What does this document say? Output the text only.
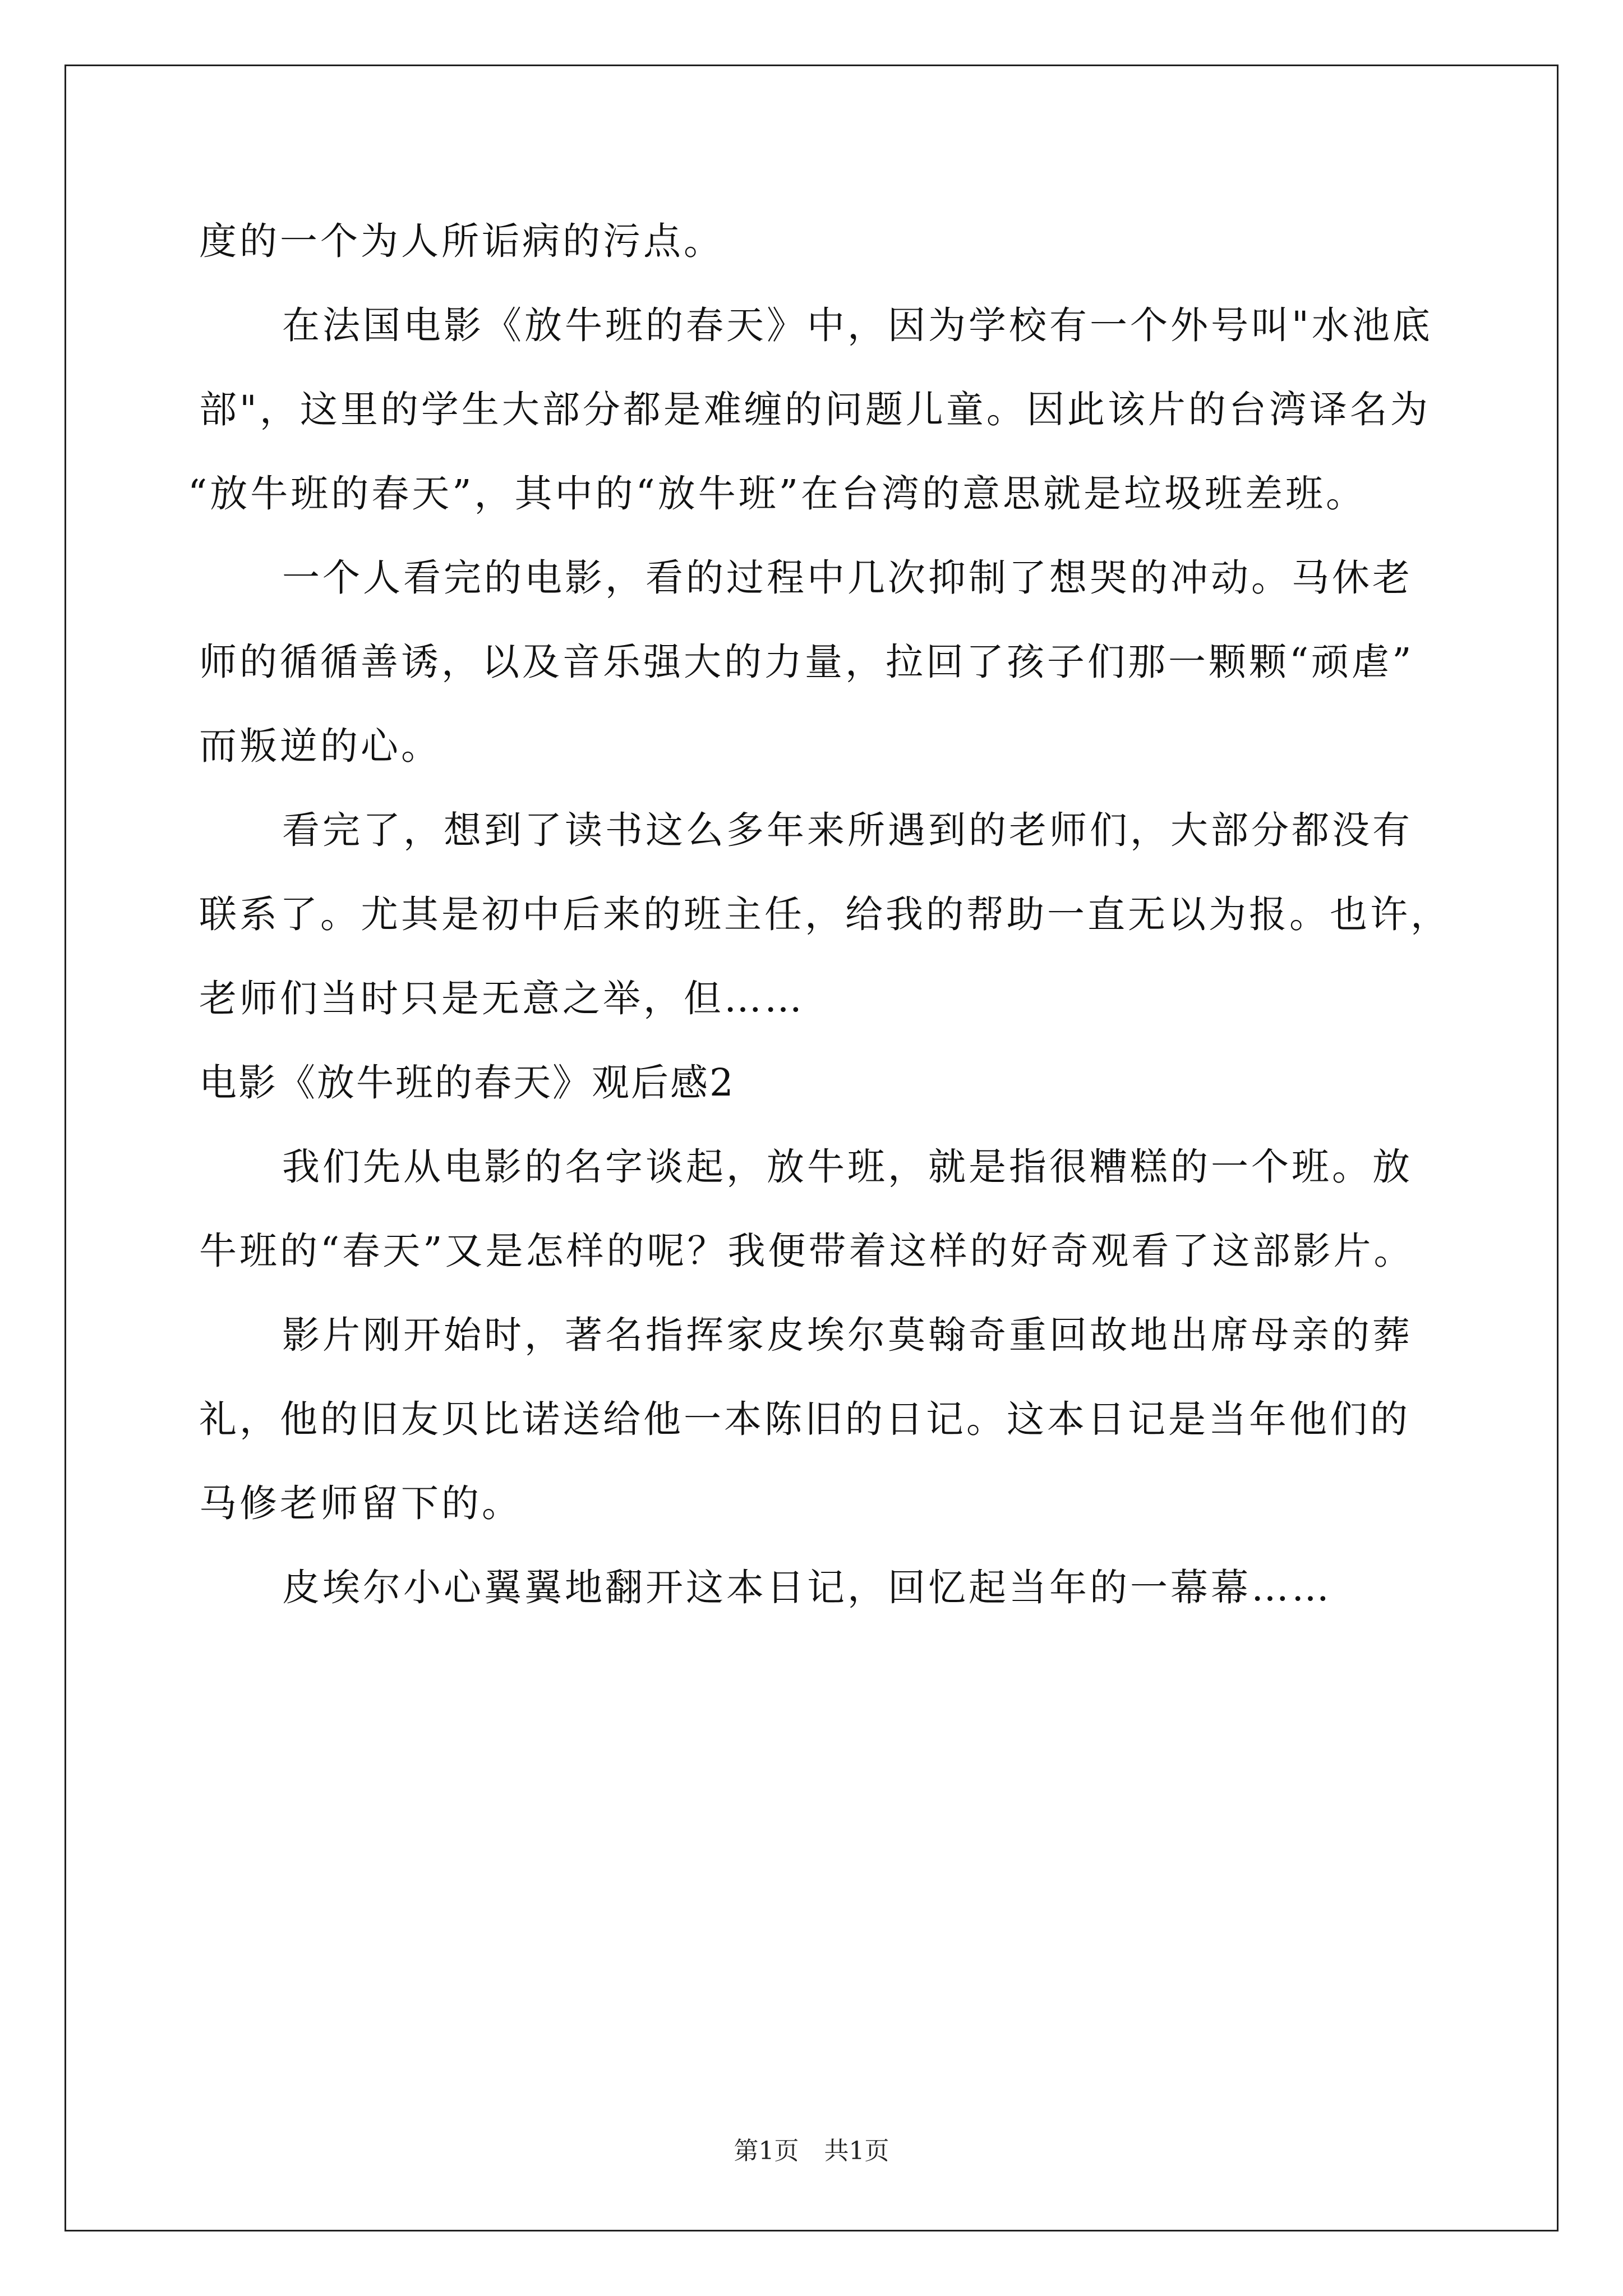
度的一个为人所诟病的污点。
在法国电影《放牛班的春天》中，因为学校有一个外号叫"水池底
部"，这里的学生大部分都是难缠的问题儿童。因此该片的台湾译名为
“放牛班的春天”，其中的“放牛班”在台湾的意思就是垃圾班差班。
一个人看完的电影，看的过程中几次抑制了想哭的冲动。马休老
师的循循善诱，以及音乐强大的力量，拉回了孩子们那一颗颗“顽虐”
而叛逆的心。
看完了，想到了读书这么多年来所遇到的老师们，大部分都没有
联系了。尤其是初中后来的班主任，给我的帮助一直无以为报。也许，
老师们当时只是无意之举，但……
电影《放牛班的春天》观后感2
我们先从电影的名字谈起，放牛班，就是指很糟糕的一个班。放
牛班的“春天”又是怎样的呢？我便带着这样的好奇观看了这部影片。
影片刚开始时，著名指挥家皮埃尔莫翰奇重回故地出席母亲的葬
礼，他的旧友贝比诺送给他一本陈旧的日记。这本日记是当年他们的
马修老师留下的。
皮埃尔小心翼翼地翻开这本日记，回忆起当年的一幕幕……
第1页 共1页
